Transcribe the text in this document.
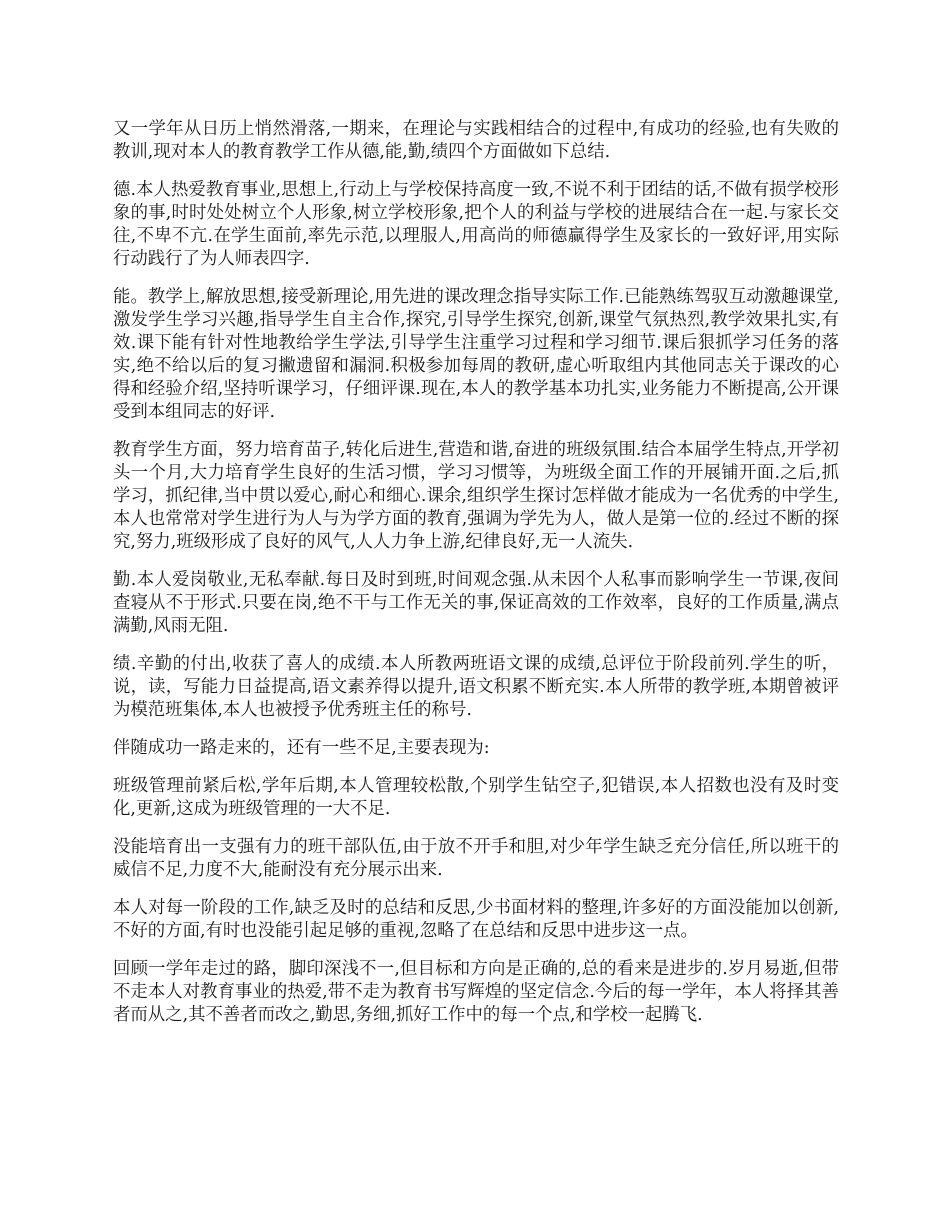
又一学年从日历上悄然滑落,一期来，在理论与实践相结合的过程中,有成功的经验,也有失败的教训,现对本人的教育教学工作从德,能,勤,绩四个方面做如下总结.

德.本人热爱教育事业,思想上,行动上与学校保持高度一致,不说不利于团结的话,不做有损学校形象的事,时时处处树立个人形象,树立学校形象,把个人的利益与学校的进展结合在一起.与家长交往,不卑不亢.在学生面前,率先示范,以理服人,用高尚的师德赢得学生及家长的一致好评,用实际行动践行了为人师表四字.

能。教学上,解放思想,接受新理论,用先进的课改理念指导实际工作.已能熟练驾驭互动激趣课堂,激发学生学习兴趣,指导学生自主合作,探究,引导学生探究,创新,课堂气氛热烈,教学效果扎实,有效.课下能有针对性地教给学生学法,引导学生注重学习过程和学习细节.课后狠抓学习任务的落实,绝不给以后的复习撇遗留和漏洞.积极参加每周的教研,虚心听取组内其他同志关于课改的心得和经验介绍,坚持听课学习，仔细评课.现在,本人的教学基本功扎实,业务能力不断提高,公开课受到本组同志的好评.

教育学生方面，努力培育苗子,转化后进生,营造和谐,奋进的班级氛围.结合本届学生特点,开学初头一个月,大力培育学生良好的生活习惯，学习习惯等，为班级全面工作的开展铺开面.之后,抓学习，抓纪律,当中贯以爱心,耐心和细心.课余,组织学生探讨怎样做才能成为一名优秀的中学生,本人也常常对学生进行为人与为学方面的教育,强调为学先为人，做人是第一位的.经过不断的探究,努力,班级形成了良好的风气,人人力争上游,纪律良好,无一人流失.

勤.本人爱岗敬业,无私奉献.每日及时到班,时间观念强.从未因个人私事而影响学生一节课,夜间查寝从不于形式.只要在岗,绝不干与工作无关的事,保证高效的工作效率，良好的工作质量,满点满勤,风雨无阻.

绩.辛勤的付出,收获了喜人的成绩.本人所教两班语文课的成绩,总评位于阶段前列.学生的听，说，读，写能力日益提高,语文素养得以提升,语文积累不断充实.本人所带的教学班,本期曾被评为模范班集体,本人也被授予优秀班主任的称号.

伴随成功一路走来的，还有一些不足,主要表现为:

班级管理前紧后松,学年后期,本人管理较松散,个别学生钻空子,犯错误,本人招数也没有及时变化,更新,这成为班级管理的一大不足.

没能培育出一支强有力的班干部队伍,由于放不开手和胆,对少年学生缺乏充分信任,所以班干的威信不足,力度不大,能耐没有充分展示出来.

本人对每一阶段的工作,缺乏及时的总结和反思,少书面材料的整理,许多好的方面没能加以创新,不好的方面,有时也没能引起足够的重视,忽略了在总结和反思中进步这一点。

回顾一学年走过的路，脚印深浅不一,但目标和方向是正确的,总的看来是进步的.岁月易逝,但带不走本人对教育事业的热爱,带不走为教育书写辉煌的坚定信念.今后的每一学年，本人将择其善者而从之,其不善者而改之,勤思,务细,抓好工作中的每一个点,和学校一起腾飞.
